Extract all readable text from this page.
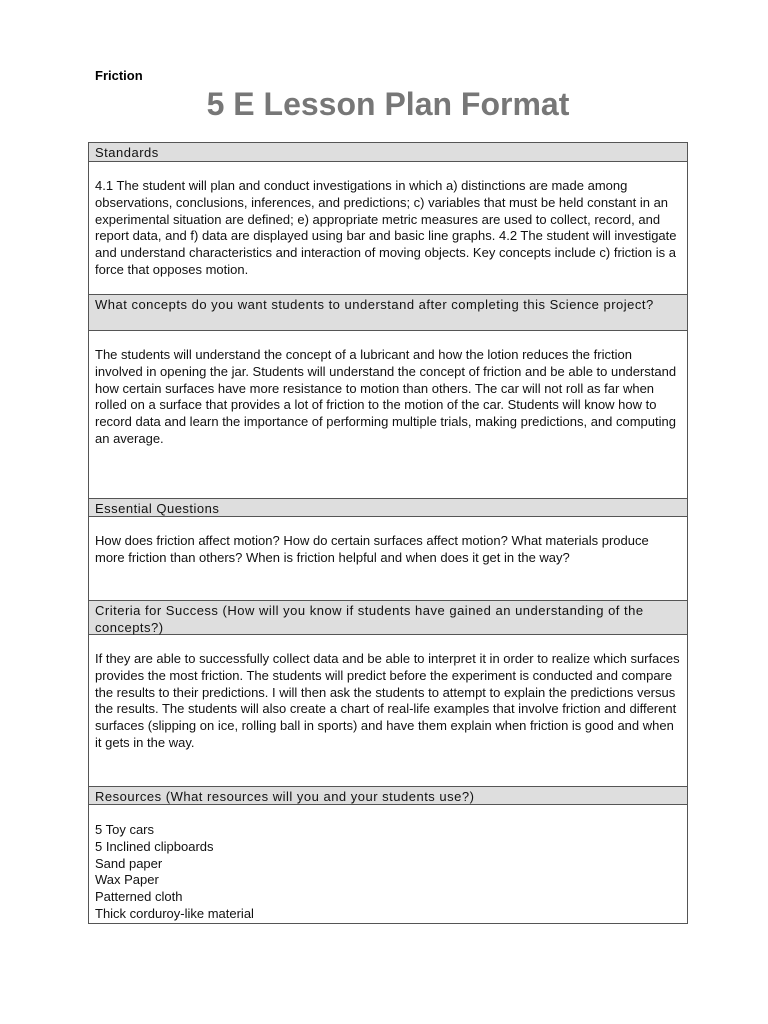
Friction
5 E Lesson Plan Format
Standards

4.1 The student will plan and conduct investigations in which a) distinctions are made among observations, conclusions, inferences, and predictions; c) variables that must be held constant in an experimental situation are defined; e) appropriate metric measures are used to collect, record, and report data, and f) data are displayed using bar and basic line graphs. 4.2 The student will investigate and understand characteristics and interaction of moving objects. Key concepts include c) friction is a force that opposes motion.

What concepts do you want students to understand after completing this Science project?

The students will understand the concept of a lubricant and how the lotion reduces the friction involved in opening the jar. Students will understand the concept of friction and be able to understand how certain surfaces have more resistance to motion than others. The car will not roll as far when rolled on a surface that provides a lot of friction to the motion of the car. Students will know how to record data and learn the importance of performing multiple trials, making predictions, and computing an average.

Essential Questions

How does friction affect motion? How do certain surfaces affect motion? What materials produce more friction than others? When is friction helpful and when does it get in the way?

Criteria for Success (How will you know if students have gained an understanding of the concepts?)

If they are able to successfully collect data and be able to interpret it in order to realize which surfaces provides the most friction. The students will predict before the experiment is conducted and compare the results to their predictions. I will then ask the students to attempt to explain the predictions versus the results. The students will also create a chart of real-life examples that involve friction and different surfaces (slipping on ice, rolling ball in sports) and have them explain when friction is good and when it gets in the way.

Resources (What resources will you and your students use?)
5 Toy cars
5 Inclined clipboards
Sand paper
Wax Paper
Patterned cloth
Thick corduroy-like material
